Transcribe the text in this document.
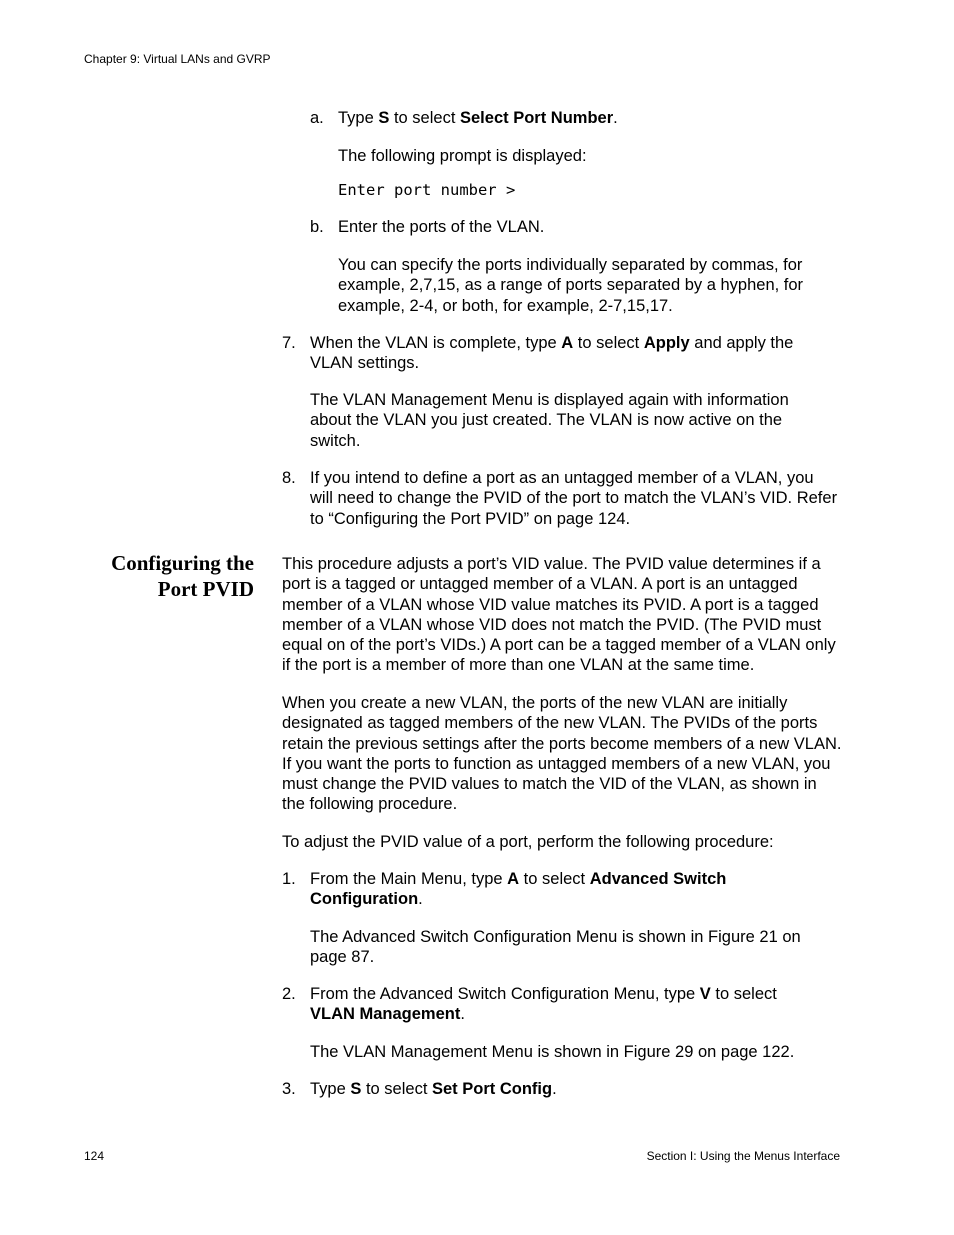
Chapter 9: Virtual LANs and GVRP
a. Type S to select Select Port Number.
The following prompt is displayed:
Enter port number >
b. Enter the ports of the VLAN.
You can specify the ports individually separated by commas, for example, 2,7,15, as a range of ports separated by a hyphen, for example, 2-4, or both, for example, 2-7,15,17.
7. When the VLAN is complete, type A to select Apply and apply the VLAN settings.
The VLAN Management Menu is displayed again with information about the VLAN you just created. The VLAN is now active on the switch.
8. If you intend to define a port as an untagged member of a VLAN, you will need to change the PVID of the port to match the VLAN’s VID. Refer to “Configuring the Port PVID” on page 124.
Configuring the
Port PVID
This procedure adjusts a port’s VID value. The PVID value determines if a port is a tagged or untagged member of a VLAN. A port is an untagged member of a VLAN whose VID value matches its PVID. A port is a tagged member of a VLAN whose VID does not match the PVID. (The PVID must equal on of the port’s VIDs.) A port can be a tagged member of a VLAN only if the port is a member of more than one VLAN at the same time.
When you create a new VLAN, the ports of the new VLAN are initially designated as tagged members of the new VLAN. The PVIDs of the ports retain the previous settings after the ports become members of a new VLAN. If you want the ports to function as untagged members of a new VLAN, you must change the PVID values to match the VID of the VLAN, as shown in the following procedure.
To adjust the PVID value of a port, perform the following procedure:
1. From the Main Menu, type A to select Advanced Switch Configuration.
The Advanced Switch Configuration Menu is shown in Figure 21 on page 87.
2. From the Advanced Switch Configuration Menu, type V to select VLAN Management.
The VLAN Management Menu is shown in Figure 29 on page 122.
3. Type S to select Set Port Config.
124	Section I: Using the Menus Interface
